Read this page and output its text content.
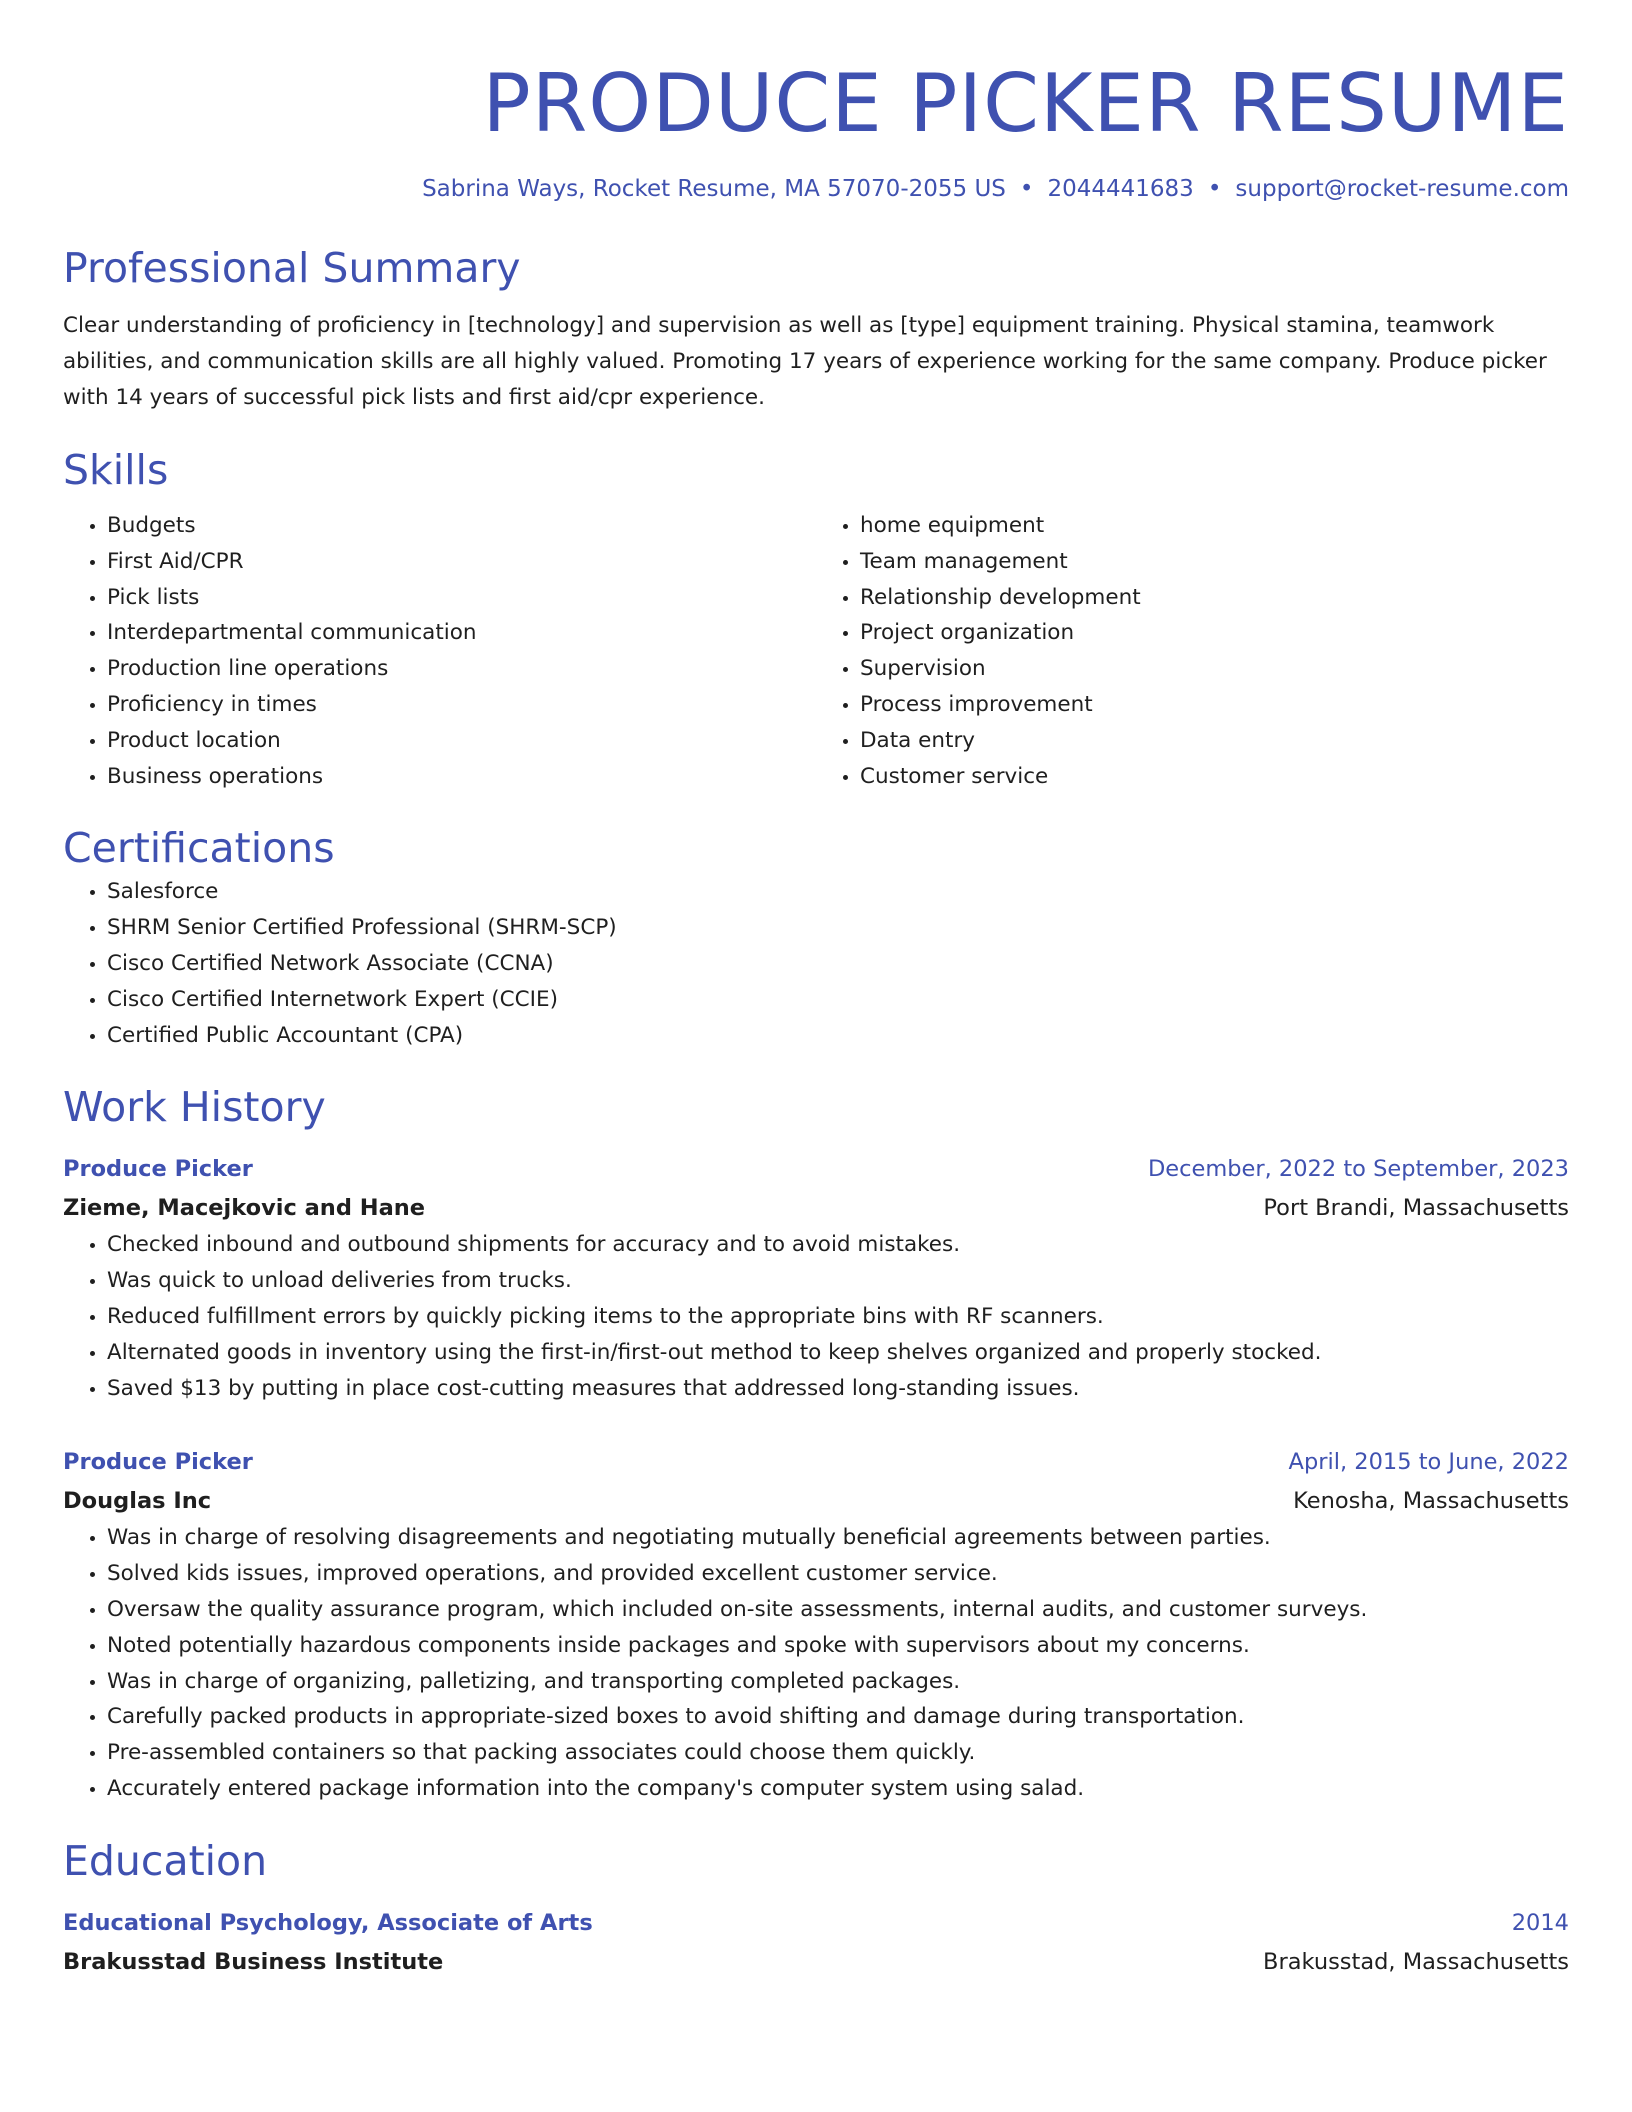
PRODUCE PICKER RESUME
Sabrina Ways, Rocket Resume, MA 57070-2055 US • 2044441683 • support@rocket-resume.com
Professional Summary

Clear understanding of proficiency in [technology] and supervision as well as [type] equipment training. Physical stamina, teamwork abilities, and communication skills are all highly valued. Promoting 17 years of experience working for the same company. Produce picker with 14 years of successful pick lists and first aid/cpr experience.

Skills
• Budgets
• First Aid/CPR
• Pick lists
• Interdepartmental communication
• Production line operations
• Proficiency in times
• Product location
• Business operations
• home equipment
• Team management
• Relationship development
• Project organization
• Supervision
• Process improvement
• Data entry
• Customer service
Certifications
• Salesforce
• SHRM Senior Certified Professional (SHRM-SCP)
• Cisco Certified Network Associate (CCNA)
• Cisco Certified Internetwork Expert (CCIE)
• Certified Public Accountant (CPA)
Work History
Produce Picker	December, 2022 to September, 2023
Zieme, Macejkovic and Hane	Port Brandi, Massachusetts
• Checked inbound and outbound shipments for accuracy and to avoid mistakes.
• Was quick to unload deliveries from trucks.
• Reduced fulfillment errors by quickly picking items to the appropriate bins with RF scanners.
• Alternated goods in inventory using the first-in/first-out method to keep shelves organized and properly stocked.
• Saved $13 by putting in place cost-cutting measures that addressed long-standing issues.
Produce Picker	April, 2015 to June, 2022
Douglas Inc	Kenosha, Massachusetts
• Was in charge of resolving disagreements and negotiating mutually beneficial agreements between parties.
• Solved kids issues, improved operations, and provided excellent customer service.
• Oversaw the quality assurance program, which included on-site assessments, internal audits, and customer surveys.
• Noted potentially hazardous components inside packages and spoke with supervisors about my concerns.
• Was in charge of organizing, palletizing, and transporting completed packages.
• Carefully packed products in appropriate-sized boxes to avoid shifting and damage during transportation.
• Pre-assembled containers so that packing associates could choose them quickly.
• Accurately entered package information into the company's computer system using salad.
Education
Educational Psychology, Associate of Arts	2014
Brakusstad Business Institute	Brakusstad, Massachusetts
